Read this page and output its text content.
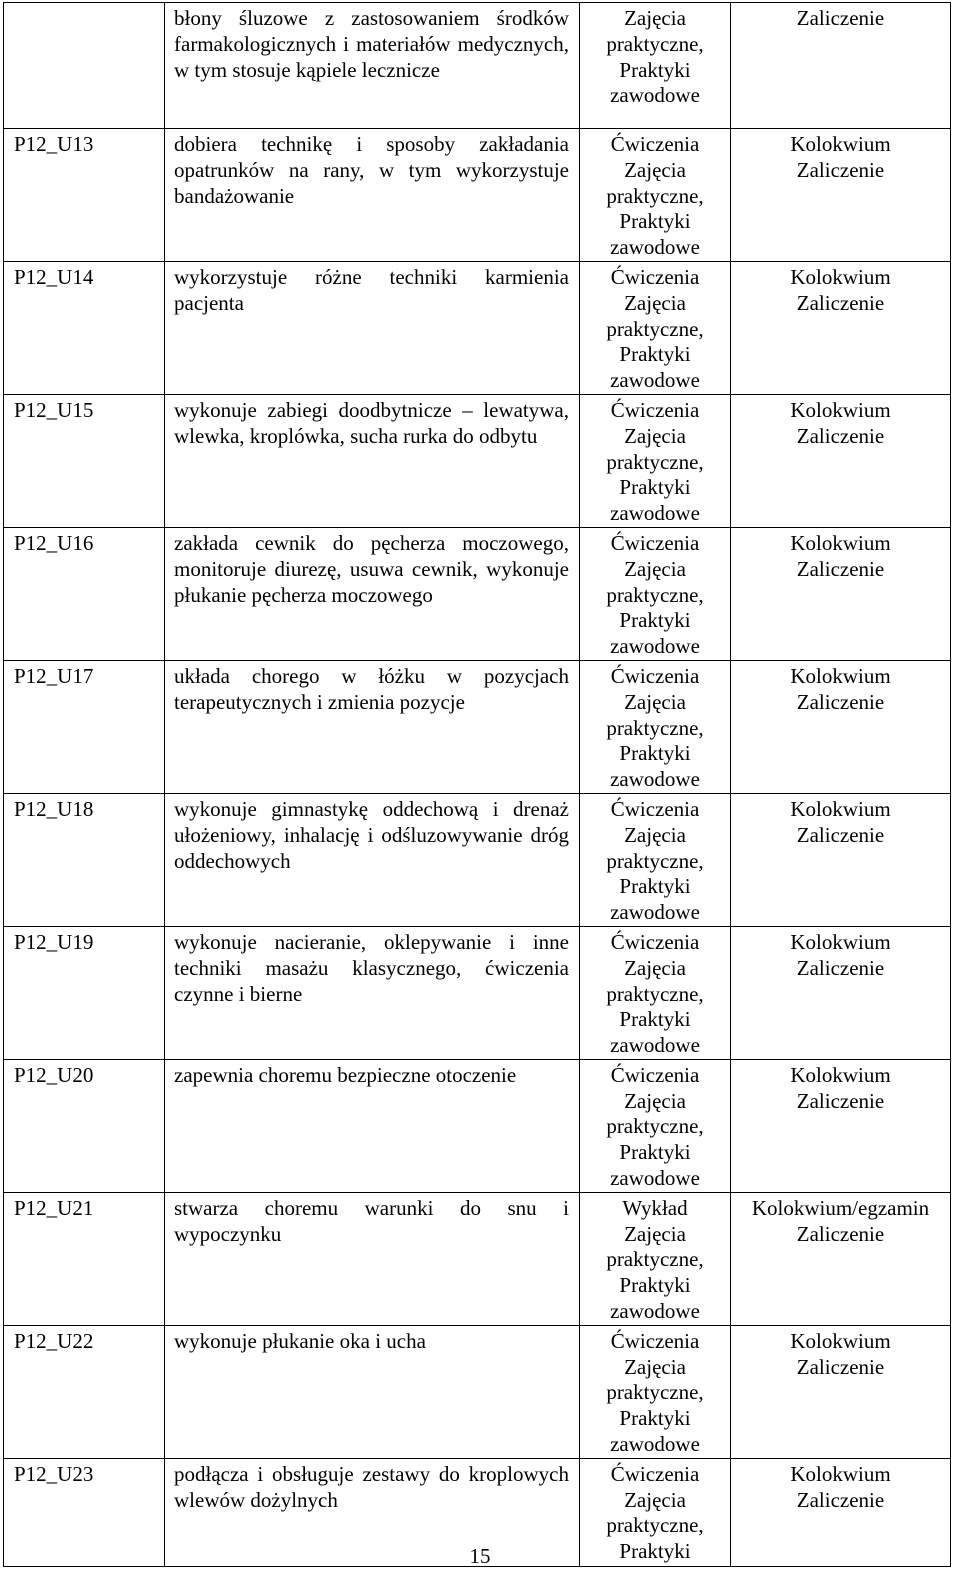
	błony śluzowe z zastosowaniem środków farmakologicznych i materiałów medycznych, w tym stosuje kąpiele lecznicze	Zajęcia
praktyczne,
Praktyki
zawodowe	Zaliczenie

P12_U13	dobiera technikę i sposoby zakładania opatrunków na rany, w tym wykorzystuje bandażowanie	Ćwiczenia
Zajęcia
praktyczne,
Praktyki
zawodowe	Kolokwium
Zaliczenie

P12_U14	wykorzystuje różne techniki karmienia pacjenta	Ćwiczenia
Zajęcia
praktyczne,
Praktyki
zawodowe	Kolokwium
Zaliczenie

P12_U15	wykonuje zabiegi doodbytnicze – lewatywa, wlewka, kroplówka, sucha rurka do odbytu	Ćwiczenia
Zajęcia
praktyczne,
Praktyki
zawodowe	Kolokwium
Zaliczenie

P12_U16	zakłada cewnik do pęcherza moczowego, monitoruje diurezę, usuwa cewnik, wykonuje płukanie pęcherza moczowego	Ćwiczenia
Zajęcia
praktyczne,
Praktyki
zawodowe	Kolokwium
Zaliczenie

P12_U17	układa chorego w łóżku w pozycjach terapeutycznych i zmienia pozycje	Ćwiczenia
Zajęcia
praktyczne,
Praktyki
zawodowe	Kolokwium
Zaliczenie

P12_U18	wykonuje gimnastykę oddechową i drenaż ułożeniowy, inhalację i odśluzowywanie dróg oddechowych	Ćwiczenia
Zajęcia
praktyczne,
Praktyki
zawodowe	Kolokwium
Zaliczenie

P12_U19	wykonuje nacieranie, oklepywanie i inne techniki masażu klasycznego, ćwiczenia czynne i bierne	Ćwiczenia
Zajęcia
praktyczne,
Praktyki
zawodowe	Kolokwium
Zaliczenie

P12_U20	zapewnia choremu bezpieczne otoczenie	Ćwiczenia
Zajęcia
praktyczne,
Praktyki
zawodowe	Kolokwium
Zaliczenie

P12_U21	stwarza choremu warunki do snu i wypoczynku	Wykład
Zajęcia
praktyczne,
Praktyki
zawodowe	Kolokwium/egzamin
Zaliczenie

P12_U22	wykonuje płukanie oka i ucha	Ćwiczenia
Zajęcia
praktyczne,
Praktyki
zawodowe	Kolokwium
Zaliczenie

P12_U23	podłącza i obsługuje zestawy do kroplowych wlewów dożylnych	Ćwiczenia
Zajęcia
praktyczne,
Praktyki	Kolokwium
Zaliczenie
15
